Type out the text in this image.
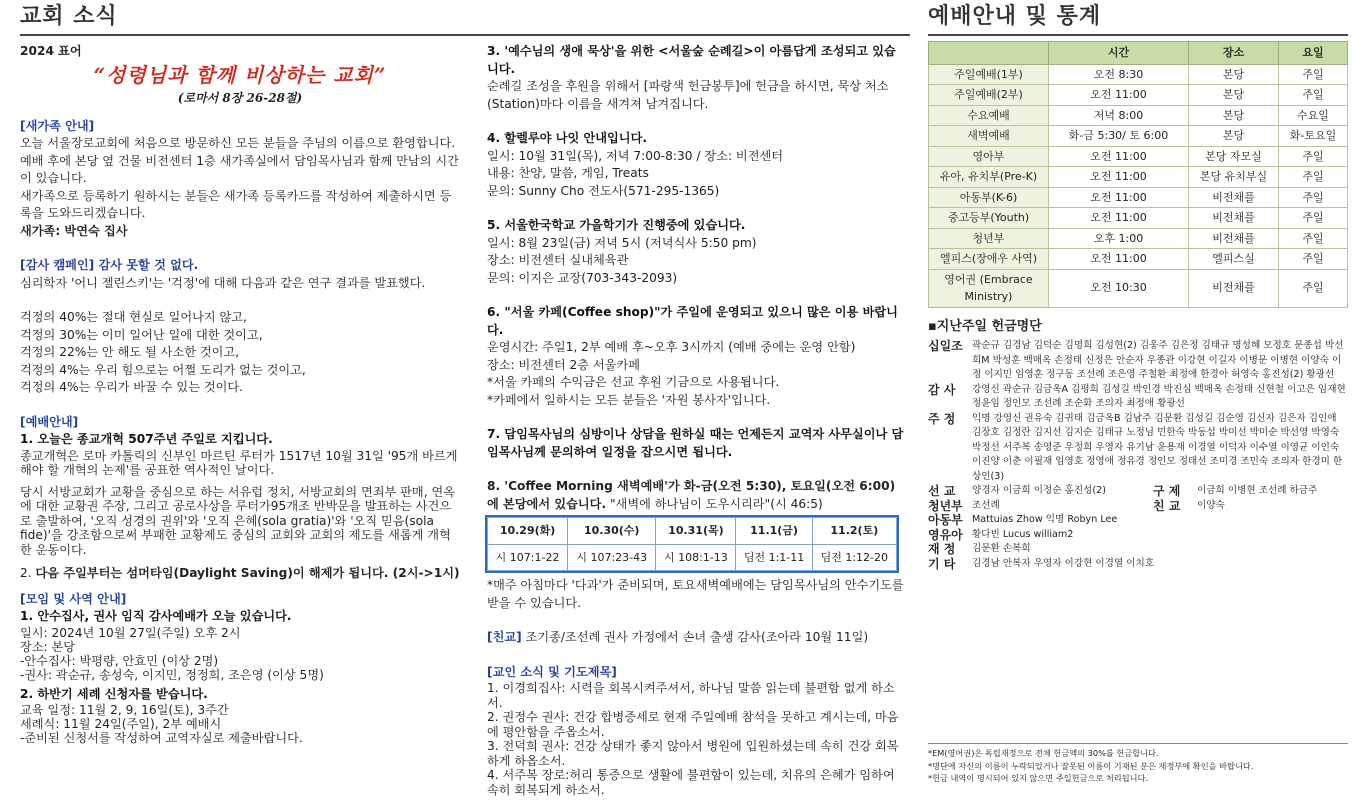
교회 소식	예배안내 및 통계

2024 표어

“성령님과 함께 비상하는 교회”

(로마서 8장 26-28절)

[새가족 안내]

오늘 서울장로교회에 처음으로 방문하신 모든 분들을 주님의 이름으로 환영합니다. 예배 후에 본당 옆 건물 비전센터 1층 새가족실에서 담임목사님과 함께 만남의 시간이 있습니다.

새가족으로 등록하기 원하시는 분들은 새가족 등록카드를 작성하여 제출하시면 등록을 도와드리겠습니다.

새가족: 박연숙 집사

[감사 캠페인] 감사 못할 것 없다.

심리학자 '어니 젤린스키'는 '걱정'에 대해 다음과 같은 연구 결과를 발표했다.

걱정의 40%는 절대 현실로 일어나지 않고,

걱정의 30%는 이미 일어난 일에 대한 것이고,

걱정의 22%는 안 해도 될 사소한 것이고,

걱정의 4%는 우리 힘으로는 어쩔 도리가 없는 것이고,

걱정의 4%는 우리가 바꿀 수 있는 것이다.

[예배안내]

1. 오늘은 종교개혁 507주년 주일로 지킵니다.

종교개혁은 로마 카톨릭의 신부인 마르틴 루터가 1517년 10월 31일 '95개 바르게 해야 할 개혁의 논제'를 공표한 역사적인 날이다.

당시 서방교회가 교황을 중심으로 하는 서유럽 정치, 서방교회의 면죄부 판매, 연옥에 대한 교황권 주장, 그리고 공로사상을 루터가95개조 반박문을 발표하는 사건으로 출발하여, '오직 성경의 권위'와 '오직 은혜(sola gratia)'와 '오직 믿음(sola fide)'을 강조함으로써 부패한 교황제도 중심의 교회와 교회의 제도를 새롭게 개혁한 운동이다.

2. 다음 주일부터는 섬머타임(Daylight Saving)이 해제가 됩니다. (2시->1시)

[모임 및 사역 안내]

1. 안수집사, 권사 임직 감사예배가 오늘 있습니다.

일시: 2024년 10월 27일(주일) 오후 2시

장소: 본당

-안수집사: 박평량, 안효민 (이상 2명)

-권사: 곽순규, 송성숙, 이지민, 정정희, 조은영 (이상 5명)

2. 하반기 세례 신청자를 받습니다.

교육 일정: 11월 2, 9, 16일(토), 3주간

세례식: 11월 24일(주일), 2부 예배시

-준비된 신청서를 작성하여 교역자실로 제출바랍니다.

3. '예수님의 생애 묵상'을 위한 <서울숲 순례길>이 아름답게 조성되고 있습니다.

순례길 조성을 후원을 위해서 [파랑색 헌금봉투]에 헌금을 하시면, 묵상 처소(Station)마다 이름을 새겨져 남겨집니다.

4. 할렐루야 나잇 안내입니다.

일시: 10월 31일(목), 저녁 7:00-8:30 / 장소: 비전센터

내용: 찬양, 말씀, 게임, Treats

문의: Sunny Cho 전도사(571-295-1365)

5. 서울한국학교 가을학기가 진행중에 있습니다.

일시: 8월 23일(금) 저녁 5시 (저녁식사 5:50 pm)

장소: 비전센터 실내체육관

문의: 이지은 교장(703-343-2093)

6. "서울 카페(Coffee shop)"가 주일에 운영되고 있으니 많은 이용 바랍니다.

운영시간: 주일1, 2부 예배 후~오후 3시까지 (예배 중에는 운영 안함)

장소: 비전센터 2층 서울카페

*서울 카페의 수익금은 선교 후원 기금으로 사용됩니다.

*카페에서 일하시는 모든 분들은 '자원 봉사자'입니다.

7. 담임목사님의 심방이나 상담을 원하실 때는 언제든지 교역자 사무실이나 담임목사님께 문의하여 일정을 잡으시면 됩니다.

8. 'Coffee Morning 새벽예배'가 화-금(오전 5:30), 토요일(오전 6:00)에 본당에서 있습니다. "새벽에 하나님이 도우시리라"(시 46:5)

10.29(화)	10.30(수)	10.31(목)	11.1(금)	11.2(토)
시 107:1-22	시 107:23-43	시 108:1-13	딤전 1:1-11	딤전 1:12-20

*매주 아침마다 '다과'가 준비되며, 토요새벽예배에는 담임목사님의 안수기도를 받을 수 있습니다.

[친교] 조기종/조선례 권사 가정에서 손녀 출생 감사(조아라 10월 11일)

[교인 소식 및 기도제목]

1. 이경희집사: 시력을 회복시켜주셔서, 하나님 말씀 읽는데 불편함 없게 하소서.

2. 권정수 권사: 건강 합병증세로 현재 주일예배 참석을 못하고 계시는데, 마음에 평안함을 주옵소서.

3. 전덕희 권사: 건강 상태가 좋지 않아서 병원에 입원하셨는데 속히 건강 회복하게 하옵소서.

4. 서주복 장로:허리 통증으로 생활에 불편함이 있는데, 치유의 은혜가 임하여 속히 회복되게 하소서.

	시간	장소	요일
주일예배(1부)	오전 8:30	본당	주일
주일예배(2부)	오전 11:00	본당	주일
수요예배	저녁 8:00	본당	수요일
새벽예배	화-금 5:30/ 토 6:00	본당	화-토요일
영아부	오전 11:00	본당 자모실	주일
유아, 유치부(Pre-K)	오전 11:00	본당 유치부실	주일
아동부(K-6)	오전 11:00	비전채플	주일
중고등부(Youth)	오전 11:00	비전채플	주일
청년부	오후 1:00	비전채플	주일
엘피스(장애우 사역)	오전 11:00	엘피스실	주일
영어권 (Embrace Ministry)	오전 10:30	비전채플	주일

▪지난주일 헌금명단

십일조 곽순규 김경남 김덕순 김명희 김성현(2) 김웅주 김은정 김태규 명성혜 모정호 문종섭 박선희M 박성훈 백매옥 손정태 신정은 안순자 우종관 이강현 이길자 이병문 이병현 이양숙 이정 이지민 임영훈 정구동 조선례 조은영 주철환 최정애 한경아 허영숙 홍진성(2) 황광선
감 사	강영신 곽순규 김금옥A 김평희 김성길 박인경 박진심 백매옥 손정태 신현철 이고은 임재현 정윤임 정인모 조선례 조순화 조의자 최정애 황광선
주 정	익명 강영신 권유숙 김귀태 김금옥B 김남주 김문환 김성길 김순영 김신자 김은자 김인애 김장호 김정란 김지선 김지순 김태규 노정님 민한숙 박동섭 박미선 박미순 박선영 박영숙 박정선 서주복 송영준 우정희 우영자 유기남 윤용재 이경열 이덕자 이수열 이영균 이인숙 이진양 이춘 이필재 임영호 정영애 정유경 정인모 정태선 조미경 조민숙 조의자 한경미 한상인(3)
선 교	양경자 이금희 이정순 홍진성(2)	구 제	이금희 이병현 조선례 하금주
청년부 조선례	친 교	이양숙
아동부 Mattuias Zhow 익명 Robyn Lee
영유아 황다빈 Lucus william2
재 정	김문환 손복희
기 타	김경남 안복자 우영자 이강현 이경열 이치호

*EM(영어권)은 독립재정으로 전체 헌금액의 30%를 헌금합니다.

*명단에 자신의 이름이 누락되었거나 잘못된 이름이 기재된 분은 재정부에 확인을 바랍니다.

*헌금 내역이 명시되어 있지 않으면 주일헌금으로 처리됩니다.
